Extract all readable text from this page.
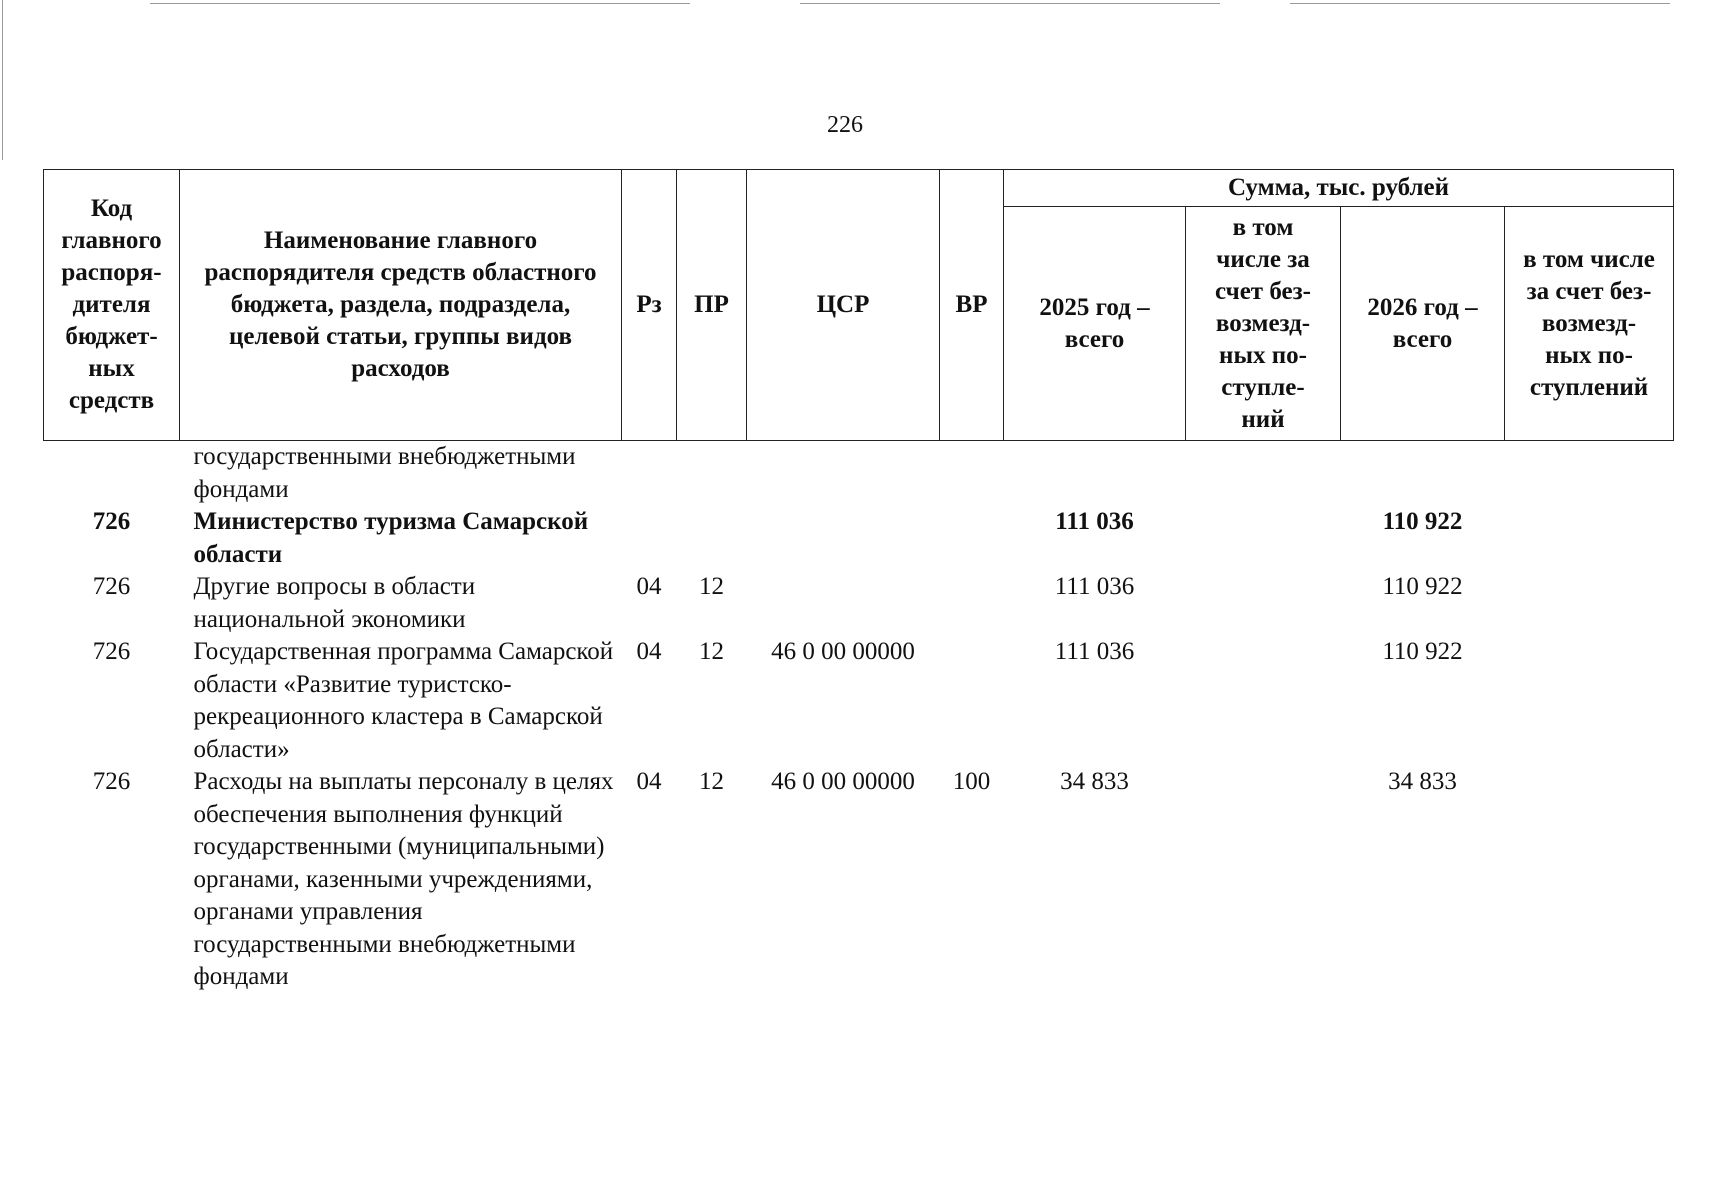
226
Код главного распоря-дителя бюджет-ных средств	Наименование главного распорядителя средств областного бюджета, раздела, подраздела, целевой статьи, группы видов расходов	Рз	ПР	ЦСР	ВР	Сумма, тыс. рублей			
						2025 год – всего	в том числе за счет без-возмезд-ных по-ступле-ний	2026 год – всего	в том числе за счет без-возмезд-ных по-ступлений
	государственными внебюджетными фондами								
726	Министерство туризма Самарской области					111 036		110 922	
726	Другие вопросы в области национальной экономики	04	12			111 036		110 922	
726	Государственная программа Самарской области «Развитие туристско-рекреационного кластера в Самарской области»	04	12	46 0 00 00000		111 036		110 922	
726	Расходы на выплаты персоналу в целях обеспечения выполнения функций государственными (муниципальными) органами, казенными учреждениями, органами управления государственными внебюджетными фондами	04	12	46 0 00 00000	100	34 833		34 833	
